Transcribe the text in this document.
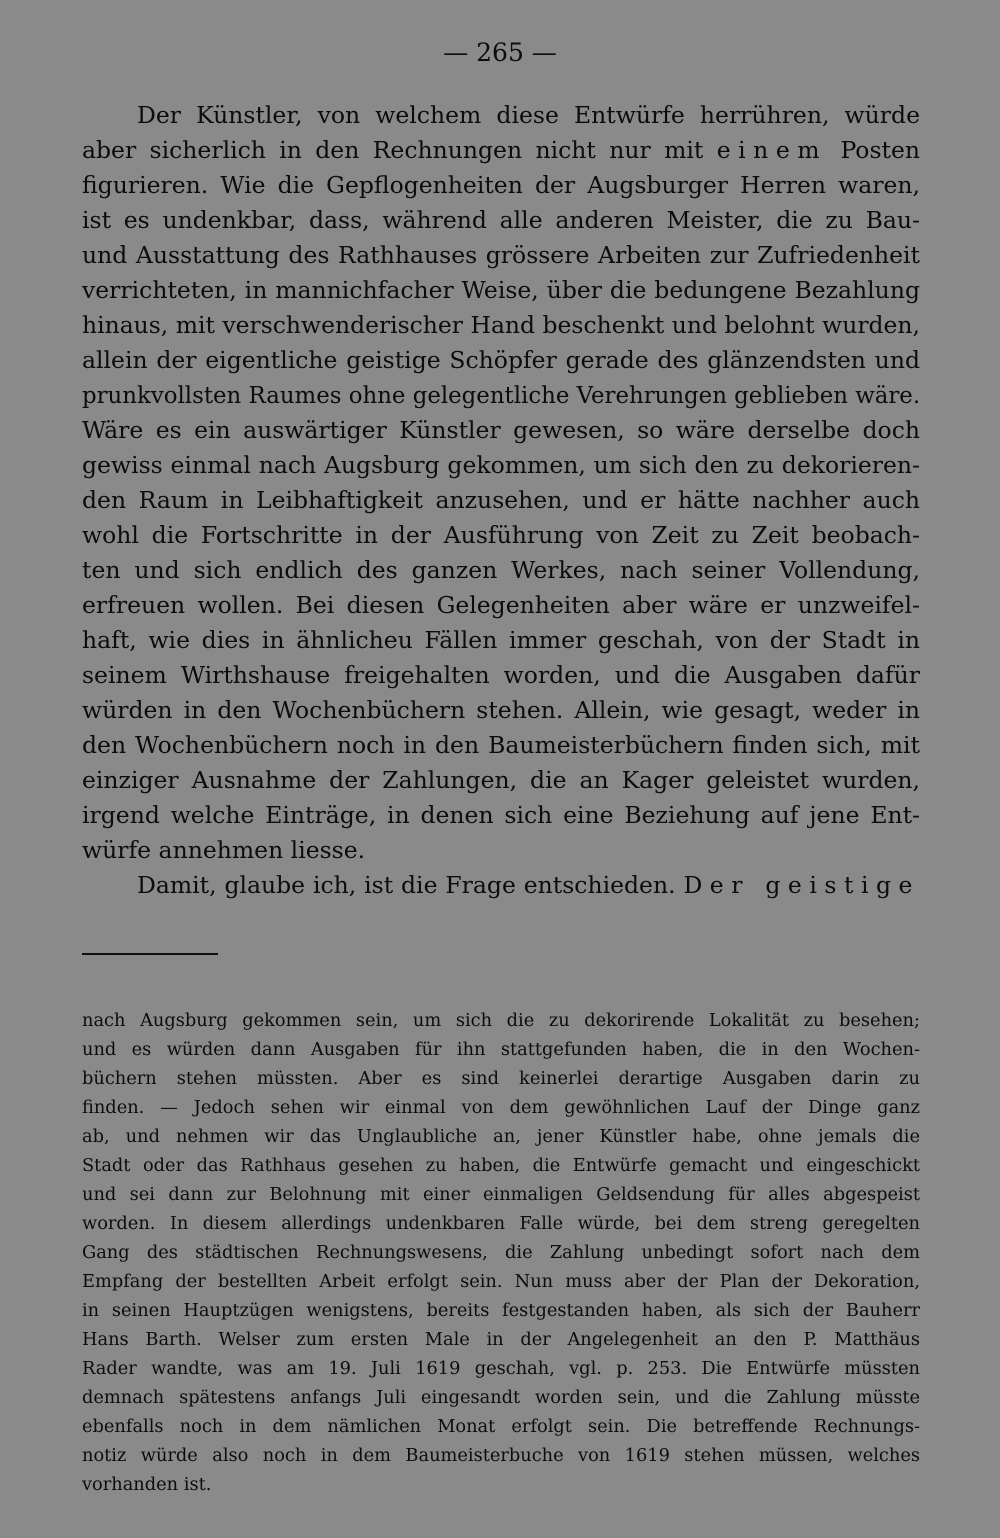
— 265 —
Der Künstler, von welchem diese Entwürfe herrühren, würde
aber sicherlich in den Rechnungen nicht nur mit einem Posten
figurieren. Wie die Gepflogenheiten der Augsburger Herren waren,
ist es undenkbar, dass, während alle anderen Meister, die zu Bau-
und Ausstattung des Rathhauses grössere Arbeiten zur Zufriedenheit
verrichteten, in mannichfacher Weise, über die bedungene Bezahlung
hinaus, mit verschwenderischer Hand beschenkt und belohnt wurden,
allein der eigentliche geistige Schöpfer gerade des glänzendsten und
prunkvollsten Raumes ohne gelegentliche Verehrungen geblieben wäre.
Wäre es ein auswärtiger Künstler gewesen, so wäre derselbe doch
gewiss einmal nach Augsburg gekommen, um sich den zu dekorieren-
den Raum in Leibhaftigkeit anzusehen, und er hätte nachher auch
wohl die Fortschritte in der Ausführung von Zeit zu Zeit beobach-
ten und sich endlich des ganzen Werkes, nach seiner Vollendung,
erfreuen wollen. Bei diesen Gelegenheiten aber wäre er unzweifel-
haft, wie dies in ähnlicheu Fällen immer geschah, von der Stadt in
seinem Wirthshause freigehalten worden, und die Ausgaben dafür
würden in den Wochenbüchern stehen. Allein, wie gesagt, weder in
den Wochenbüchern noch in den Baumeisterbüchern finden sich, mit
einziger Ausnahme der Zahlungen, die an Kager geleistet wurden,
irgend welche Einträge, in denen sich eine Beziehung auf jene Ent-
würfe annehmen liesse.
Damit, glaube ich, ist die Frage entschieden. Der geistige
nach Augsburg gekommen sein, um sich die zu dekorirende Lokalität zu besehen;
und es würden dann Ausgaben für ihn stattgefunden haben, die in den Wochen-
büchern stehen müssten. Aber es sind keinerlei derartige Ausgaben darin zu
finden. — Jedoch sehen wir einmal von dem gewöhnlichen Lauf der Dinge ganz
ab, und nehmen wir das Unglaubliche an, jener Künstler habe, ohne jemals die
Stadt oder das Rathhaus gesehen zu haben, die Entwürfe gemacht und eingeschickt
und sei dann zur Belohnung mit einer einmaligen Geldsendung für alles abgespeist
worden. In diesem allerdings undenkbaren Falle würde, bei dem streng geregelten
Gang des städtischen Rechnungswesens, die Zahlung unbedingt sofort nach dem
Empfang der bestellten Arbeit erfolgt sein. Nun muss aber der Plan der Dekoration,
in seinen Hauptzügen wenigstens, bereits festgestanden haben, als sich der Bauherr
Hans Barth. Welser zum ersten Male in der Angelegenheit an den P. Matthäus
Rader wandte, was am 19. Juli 1619 geschah, vgl. p. 253. Die Entwürfe müssten
demnach spätestens anfangs Juli eingesandt worden sein, und die Zahlung müsste
ebenfalls noch in dem nämlichen Monat erfolgt sein. Die betreffende Rechnungs-
notiz würde also noch in dem Baumeisterbuche von 1619 stehen müssen, welches
vorhanden ist.
